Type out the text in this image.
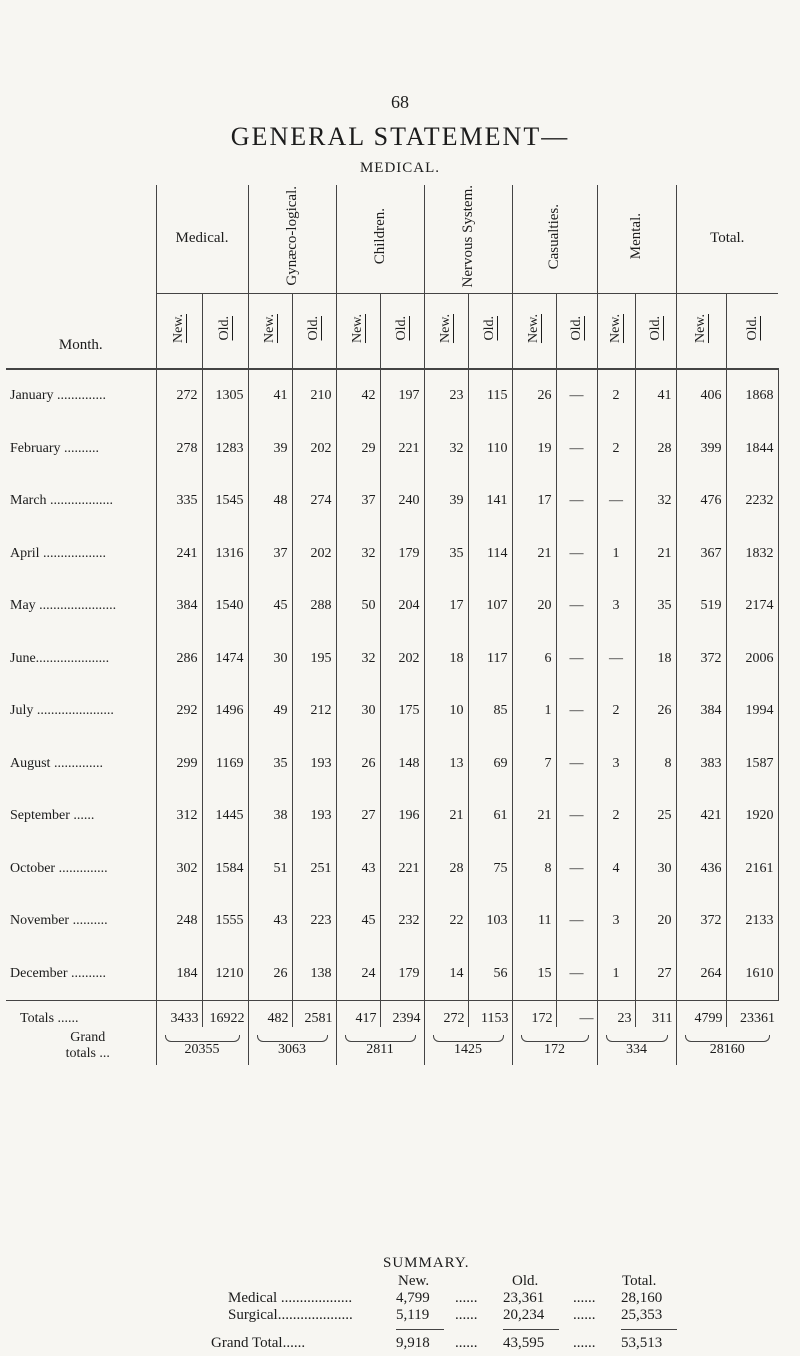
68
GENERAL STATEMENT—
MEDICAL.
Month.	Medical.		Gynæco-logical.		Children.		Nervous System.		Casualties.		Mental.		Total.	
	New.	Old.	New.	Old.	New.	Old.	New.	Old.	New.	Old.	New.	Old.	New.	Old.
January ..............	272	1305	41	210	42	197	23	115	26	—	2	41	406	1868
February ..........	278	1283	39	202	29	221	32	110	19	—	2	28	399	1844
March ..................	335	1545	48	274	37	240	39	141	17	—	—	32	476	2232
April ..................	241	1316	37	202	32	179	35	114	21	—	1	21	367	1832
May ......................	384	1540	45	288	50	204	17	107	20	—	3	35	519	2174
June.....................	286	1474	30	195	32	202	18	117	6	—	—	18	372	2006
July ......................	292	1496	49	212	30	175	10	85	1	—	2	26	384	1994
August ..............	299	1169	35	193	26	148	13	69	7	—	3	8	383	1587
September ......	312	1445	38	193	27	196	21	61	21	—	2	25	421	1920
October ..............	302	1584	51	251	43	221	28	75	8	—	4	30	436	2161
November ..........	248	1555	43	223	45	232	22	103	11	—	3	20	372	2133
December ..........	184	1210	26	138	24	179	14	56	15	—	1	27	264	1610
Totals ......	3433	16922	482	2581	417	2394	272	1153	172	—	23	311	4799	23361

Grand
totals ...	20355		3063		2811		1425		172		334		28160	
SUMMARY.
New.	Old.	Total.
Medical ...................	4,799 ...... 23,361 ...... 28,160
Surgical....................	5,119 ...... 20,234 ...... 25,353
Grand Total......	9,918 ...... 43,595 ...... 53,513
